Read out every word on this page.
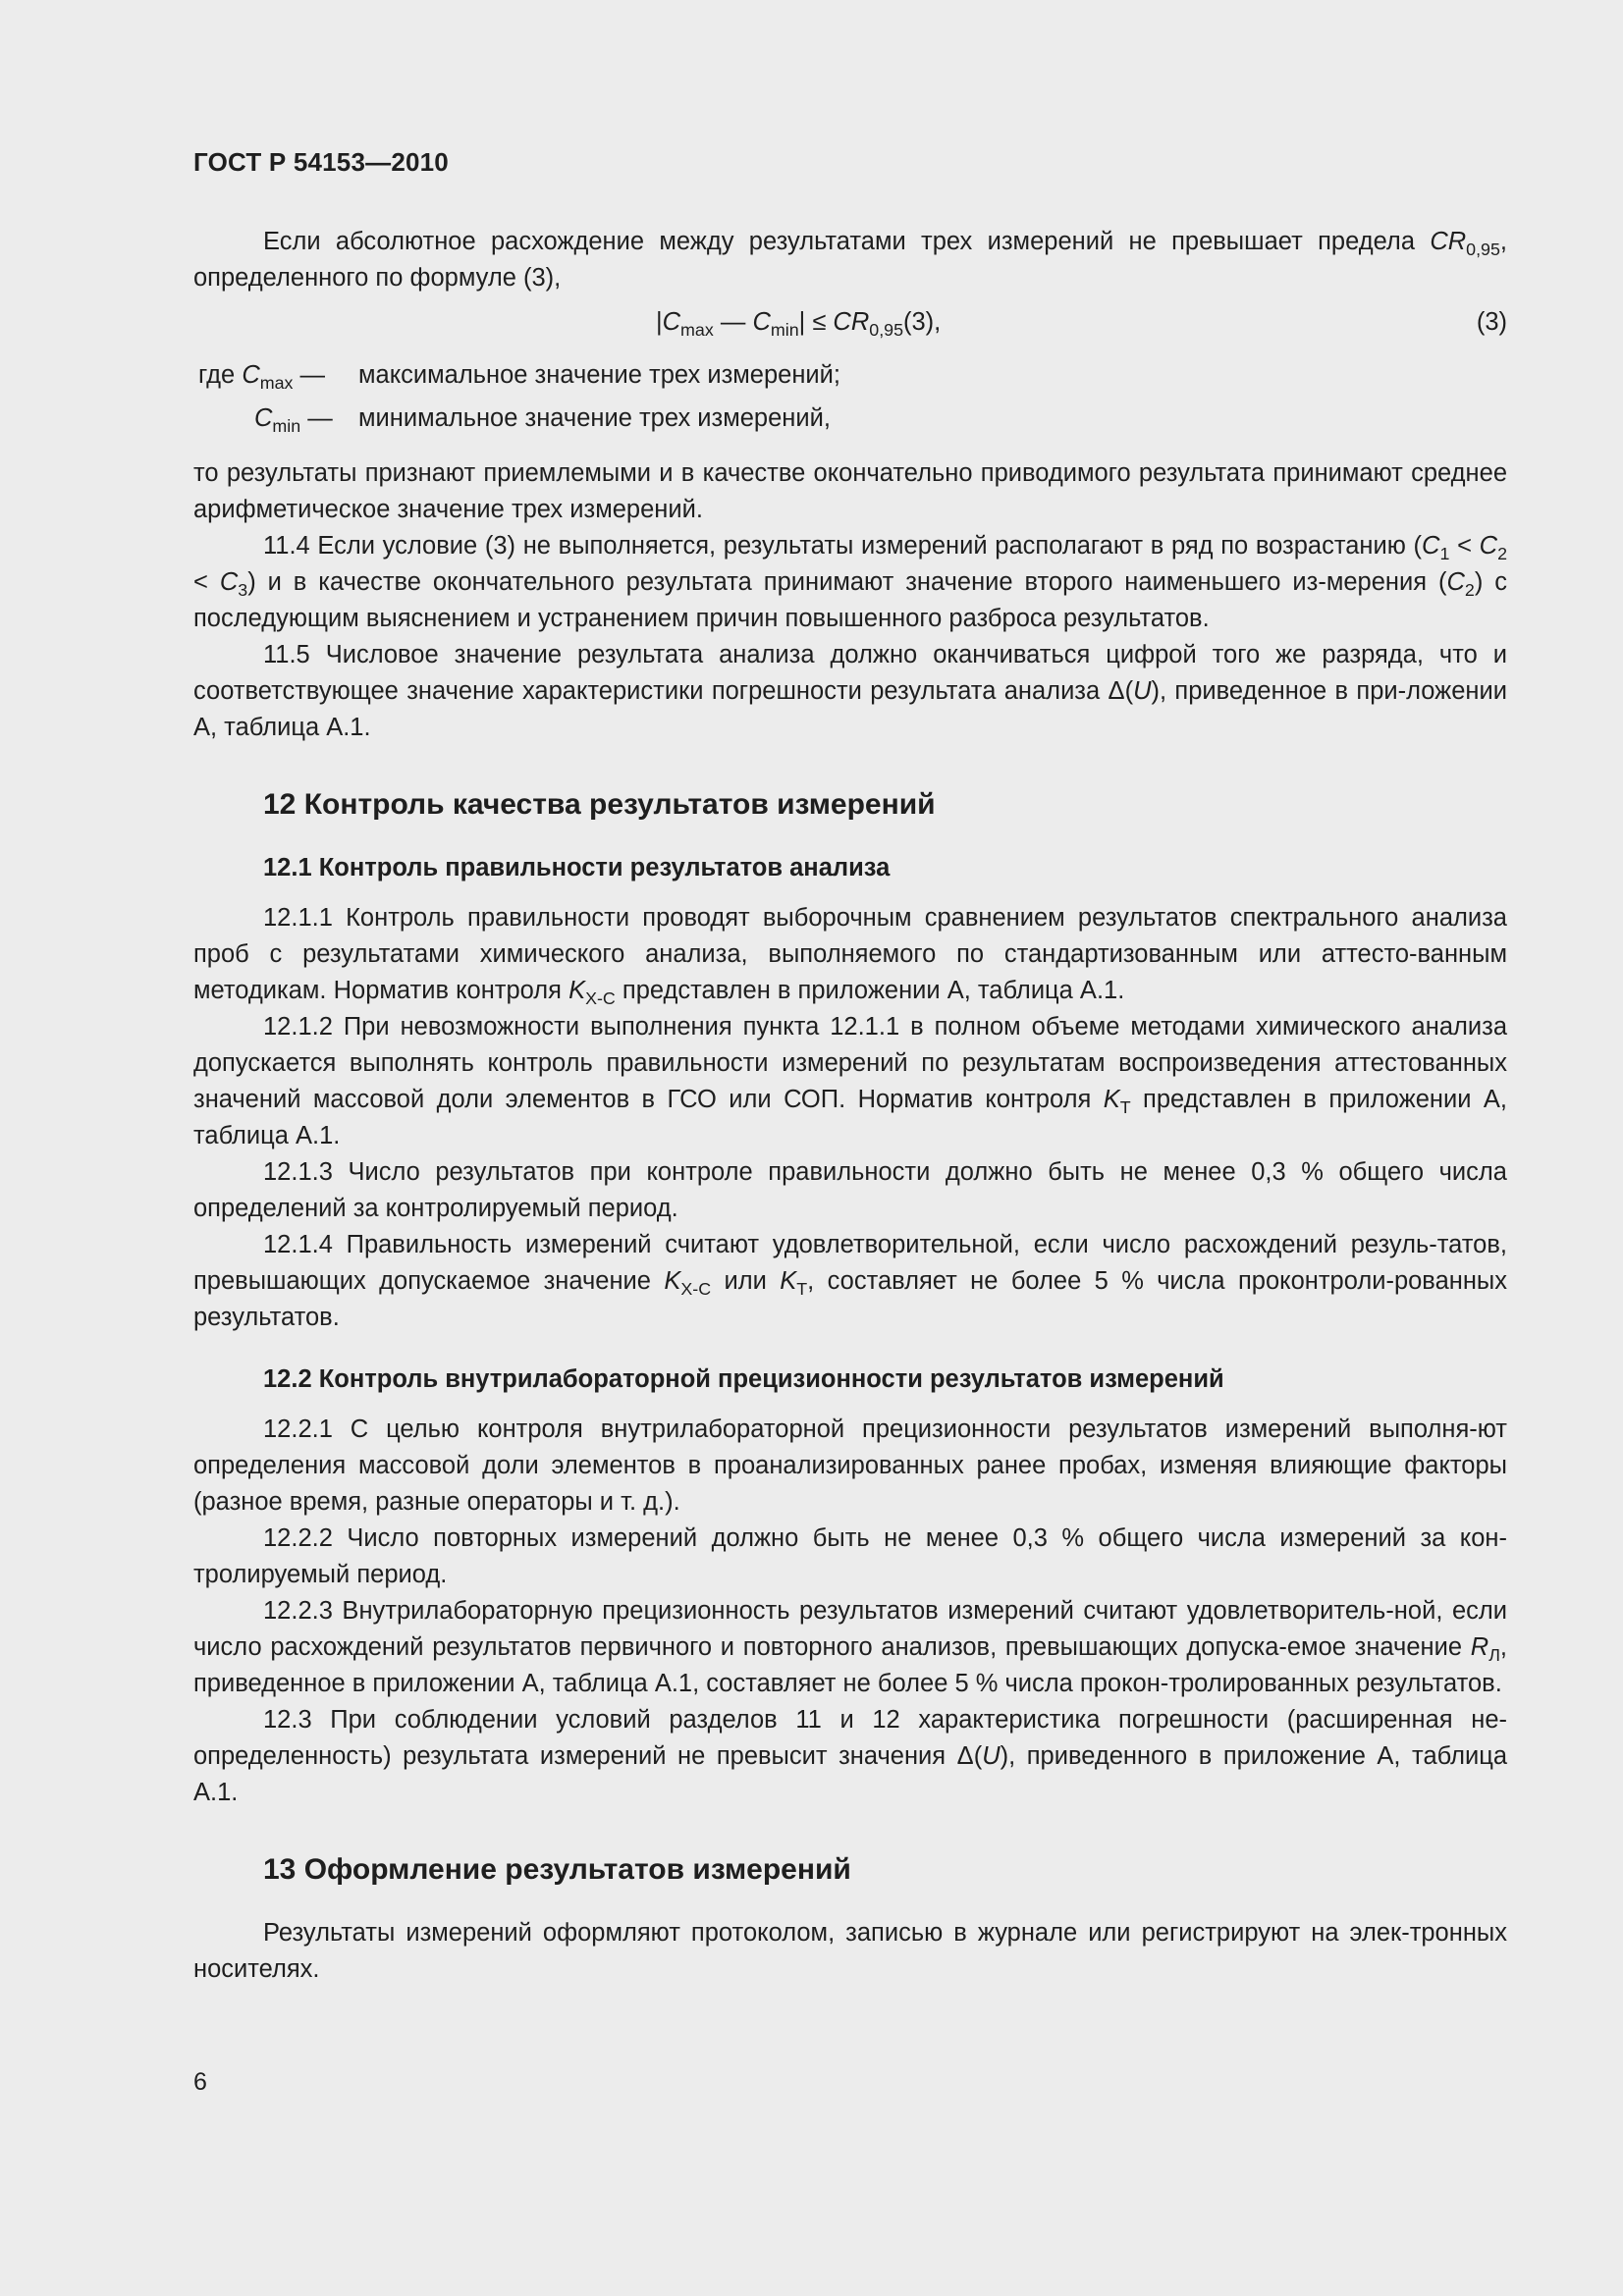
ГОСТ Р 54153—2010

Если абсолютное расхождение между результатами трех измерений не превышает предела $CR_{0,95}$, определенного по формуле (3),

$|C_{max}$ — $C_{min}| \le CR_{0,95}(3)$,	(3)
где $C_{max}$ — максимальное значение трех измерений;
$C_{min}$ — минимальное значение трех измерений,

то результаты признают приемлемыми и в качестве окончательно приводимого результата принимают среднее арифметическое значение трех измерений.

11.4 Если условие (3) не выполняется, результаты измерений располагают в ряд по возрастанию $(C_1 < C_2 < C_3)$ и в качестве окончательного результата принимают значение второго наименьшего из-мерения $(C_2)$ с последующим выяснением и устранением причин повышенного разброса результатов.

11.5 Числовое значение результата анализа должно оканчиваться цифрой того же разряда, что и соответствующее значение характеристики погрешности результата анализа Δ(U), приведенное в при-ложении А, таблица А.1.

12 Контроль качества результатов измерений
12.1 Контроль правильности результатов анализа

12.1.1 Контроль правильности проводят выборочным сравнением результатов спектрального анализа проб с результатами химического анализа, выполняемого по стандартизованным или аттесто-ванным методикам. Норматив контроля $K_{Х-С}$ представлен в приложении А, таблица А.1.

12.1.2 При невозможности выполнения пункта 12.1.1 в полном объеме методами химического анализа допускается выполнять контроль правильности измерений по результатам воспроизведения аттестованных значений массовой доли элементов в ГСО или СОП. Норматив контроля $K_Т$ представлен в приложении А, таблица А.1.

12.1.3 Число результатов при контроле правильности должно быть не менее 0,3 % общего числа определений за контролируемый период.

12.1.4 Правильность измерений считают удовлетворительной, если число расхождений резуль-татов, превышающих допускаемое значение $K_{Х-С}$ или $K_Т$, составляет не более 5 % числа проконтроли-рованных результатов.

12.2 Контроль внутрилабораторной прецизионности результатов измерений

12.2.1 С целью контроля внутрилабораторной прецизионности результатов измерений выполня-ют определения массовой доли элементов в проанализированных ранее пробах, изменяя влияющие факторы (разное время, разные операторы и т. д.).

12.2.2 Число повторных измерений должно быть не менее 0,3 % общего числа измерений за кон-тролируемый период.

12.2.3 Внутрилабораторную прецизионность результатов измерений считают удовлетворитель-ной, если число расхождений результатов первичного и повторного анализов, превышающих допуска-емое значение $R_Л$, приведенное в приложении А, таблица А.1, составляет не более 5 % числа прокон-тролированных результатов.

12.3 При соблюдении условий разделов 11 и 12 характеристика погрешности (расширенная не-определенность) результата измерений не превысит значения Δ(U), приведенного в приложение А, таблица А.1.

13 Оформление результатов измерений

Результаты измерений оформляют протоколом, записью в журнале или регистрируют на элек-тронных носителях.

6
